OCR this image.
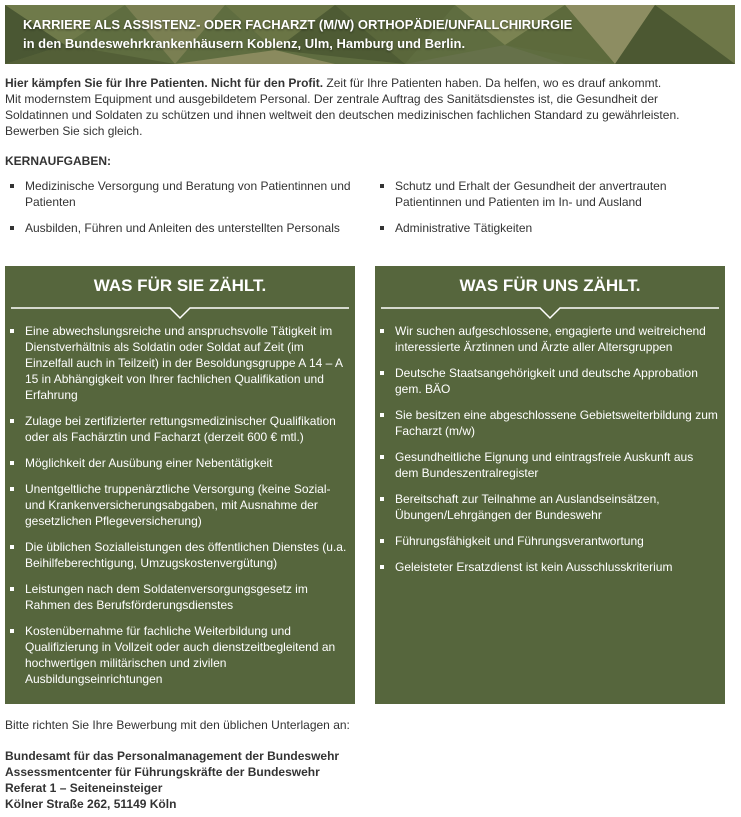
KARRIERE ALS ASSISTENZ- ODER FACHARZT (M/W) ORTHOPÄDIE/UNFALLCHIRURGIE
in den Bundeswehrkrankenhäusern Koblenz, Ulm, Hamburg und Berlin.
Hier kämpfen Sie für Ihre Patienten. Nicht für den Profit. Zeit für Ihre Patienten haben. Da helfen, wo es drauf ankommt.
Mit modernstem Equipment und ausgebildetem Personal. Der zentrale Auftrag des Sanitätsdienstes ist, die Gesundheit der
Soldatinnen und Soldaten zu schützen und ihnen weltweit den deutschen medizinischen fachlichen Standard zu gewährleisten.
Bewerben Sie sich gleich.
KERNAUFGABEN:
Medizinische Versorgung und Beratung von Patientinnen und Patienten
Ausbilden, Führen und Anleiten des unterstellten Personals
Schutz und Erhalt der Gesundheit der anvertrauten Patientinnen und Patienten im In- und Ausland
Administrative Tätigkeiten
WAS FÜR SIE ZÄHLT.
Eine abwechslungsreiche und anspruchsvolle Tätigkeit im Dienstverhältnis als Soldatin oder Soldat auf Zeit (im Einzelfall auch in Teilzeit) in der Besoldungsgruppe A 14 – A 15 in Abhängigkeit von Ihrer fachlichen Qualifikation und Erfahrung
Zulage bei zertifizierter rettungsmedizinischer Qualifikation oder als Fachärztin und Facharzt (derzeit 600 € mtl.)
Möglichkeit der Ausübung einer Nebentätigkeit
Unentgeltliche truppenärztliche Versorgung (keine Sozial- und Krankenversicherungsabgaben, mit Ausnahme der gesetzlichen Pflegeversicherung)
Die üblichen Sozialleistungen des öffentlichen Dienstes (u.a. Beihilfeberechtigung, Umzugskostenvergütung)
Leistungen nach dem Soldatenversorgungsgesetz im Rahmen des Berufsförderungsdienstes
Kostenübernahme für fachliche Weiterbildung und Qualifizierung in Vollzeit oder auch dienstzeitbegleitend an hochwertigen militärischen und zivilen Ausbildungseinrichtungen
WAS FÜR UNS ZÄHLT.
Wir suchen aufgeschlossene, engagierte und weitreichend interessierte Ärztinnen und Ärzte aller Altersgruppen
Deutsche Staatsangehörigkeit und deutsche Approbation gem. BÄO
Sie besitzen eine abgeschlossene Gebietsweiterbildung zum Facharzt (m/w)
Gesundheitliche Eignung und eintragsfreie Auskunft aus dem Bundeszentralregister
Bereitschaft zur Teilnahme an Auslandseinsätzen, Übungen/Lehrgängen der Bundeswehr
Führungsfähigkeit und Führungsverantwortung
Geleisteter Ersatzdienst ist kein Ausschlusskriterium
Bitte richten Sie Ihre Bewerbung mit den üblichen Unterlagen an:
Bundesamt für das Personalmanagement der Bundeswehr
Assessmentcenter für Führungskräfte der Bundeswehr
Referat 1 – Seiteneinsteiger
Kölner Straße 262, 51149 Köln
